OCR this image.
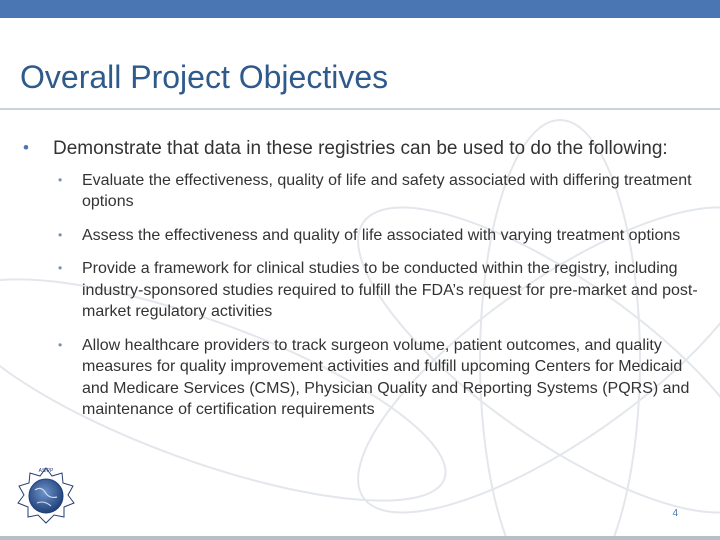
Overall Project Objectives
•	Demonstrate that data in these registries can be used to do the following:
•	Evaluate the effectiveness, quality of life and safety associated with differing treatment options
•	Assess the effectiveness and quality of life associated with varying treatment options
•	Provide a framework for clinical studies to be conducted within the registry, including industry-sponsored studies required to fulfill the FDA’s request for pre-market and post-market regulatory activities
•	Allow healthcare providers to track surgeon volume, patient outcomes, and quality measures for quality improvement activities and fulfill upcoming Centers for Medicaid and Medicare Services (CMS), Physician Quality and Reporting Systems (PQRS) and maintenance of certification requirements
ASIPP
4
